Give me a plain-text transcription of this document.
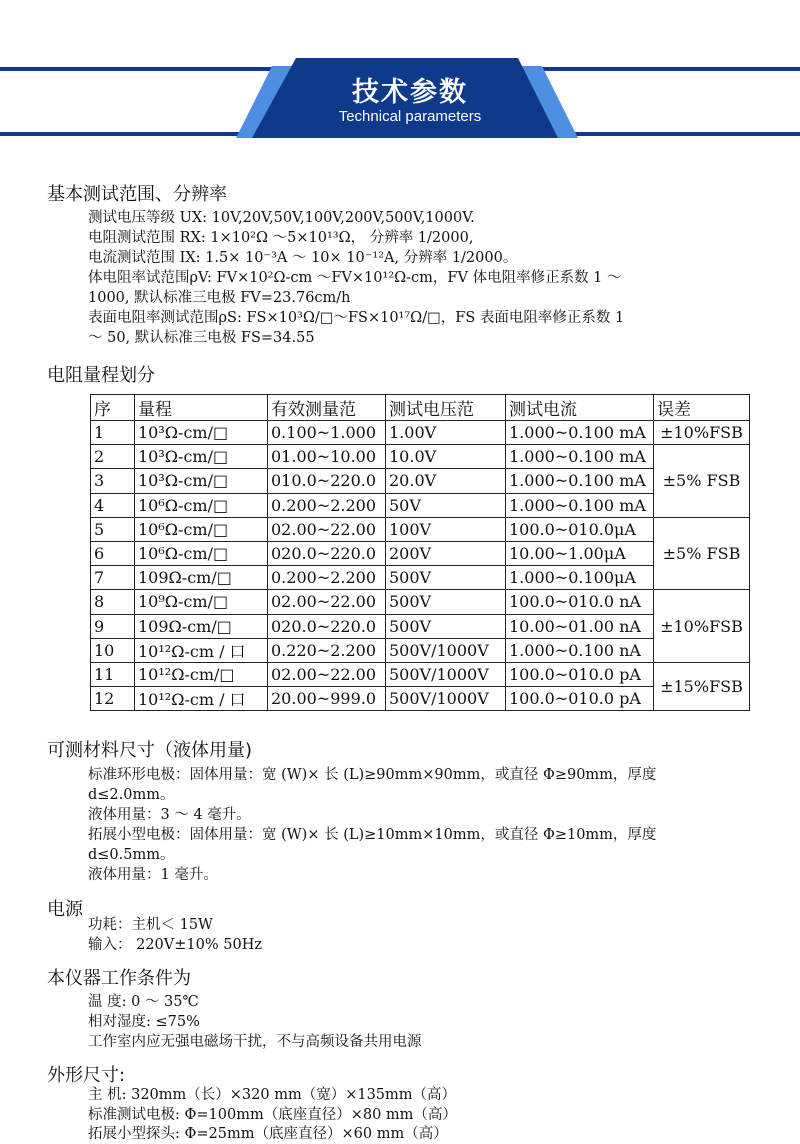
技术参数
Technical parameters
基本测试范围、分辨率
测试电压等级 UX: 10V,20V,50V,100V,200V,500V,1000V.
电阻测试范围 RX: 1×10²Ω ～5×10¹³Ω， 分辨率 1/2000,
电流测试范围 IX: 1.5× 10⁻³A ～ 10× 10⁻¹²A, 分辨率 1/2000。
体电阻率试范围ρV: FV×10²Ω-cm ～FV×10¹²Ω-cm，FV 体电阻率修正系数 1 ～
1000, 默认标准三电极 FV=23.76cm/h
表面电阻率测试范围ρS: FS×10³Ω/□～FS×10¹⁷Ω/□，FS 表面电阻率修正系数 1
～ 50, 默认标准三电极 FS=34.55
电阻量程划分
序	量程	有效测量范	测试电压范	测试电流	误差
1	10³Ω-cm/□	0.100~1.000	1.00V	1.000~0.100 mA	±10%FSB
2	10³Ω-cm/□	01.00~10.00	10.0V	1.000~0.100 mA	±5% FSB
3	10³Ω-cm/□	010.0~220.0	20.0V	1.000~0.100 mA	
4	10⁶Ω-cm/□	0.200~2.200	50V	1.000~0.100 mA	
5	10⁶Ω-cm/□	02.00~22.00	100V	100.0~010.0μA	±5% FSB
6	10⁶Ω-cm/□	020.0~220.0	200V	10.00~1.00μA	
7	109Ω-cm/□	0.200~2.200	500V	1.000~0.100μA	
8	10⁹Ω-cm/□	02.00~22.00	500V	100.0~010.0 nA	±10%FSB
9	109Ω-cm/□	020.0~220.0	500V	10.00~01.00 nA	
10	10¹²Ω-cm / 口	0.220~2.200	500V/1000V	1.000~0.100 nA	
11	10¹²Ω-cm/□	02.00~22.00	500V/1000V	100.0~010.0 pA	±15%FSB
12	10¹²Ω-cm / 口	20.00~999.0	500V/1000V	100.0~010.0 pA	
可测材料尺寸（液体用量)
标准环形电极：固体用量：宽 (W)× 长 (L)≥90mm×90mm，或直径 Φ≥90mm，厚度
d≤2.0mm。
液体用量：3 ～ 4 毫升。
拓展小型电极：固体用量：宽 (W)× 长 (L)≥10mm×10mm，或直径 Φ≥10mm，厚度
d≤0.5mm。
液体用量：1 毫升。
电源
功耗：主机＜ 15W
输入： 220V±10% 50Hz
本仪器工作条件为
温 度: 0 ～ 35℃
相对湿度: ≤75%
工作室内应无强电磁场干扰，不与高频设备共用电源
外形尺寸:
主 机: 320mm（长）×320 mm（宽）×135mm（高）
标准测试电极: Φ=100mm（底座直径）×80 mm（高）
拓展小型探头: Φ=25mm（底座直径）×60 mm（高）
